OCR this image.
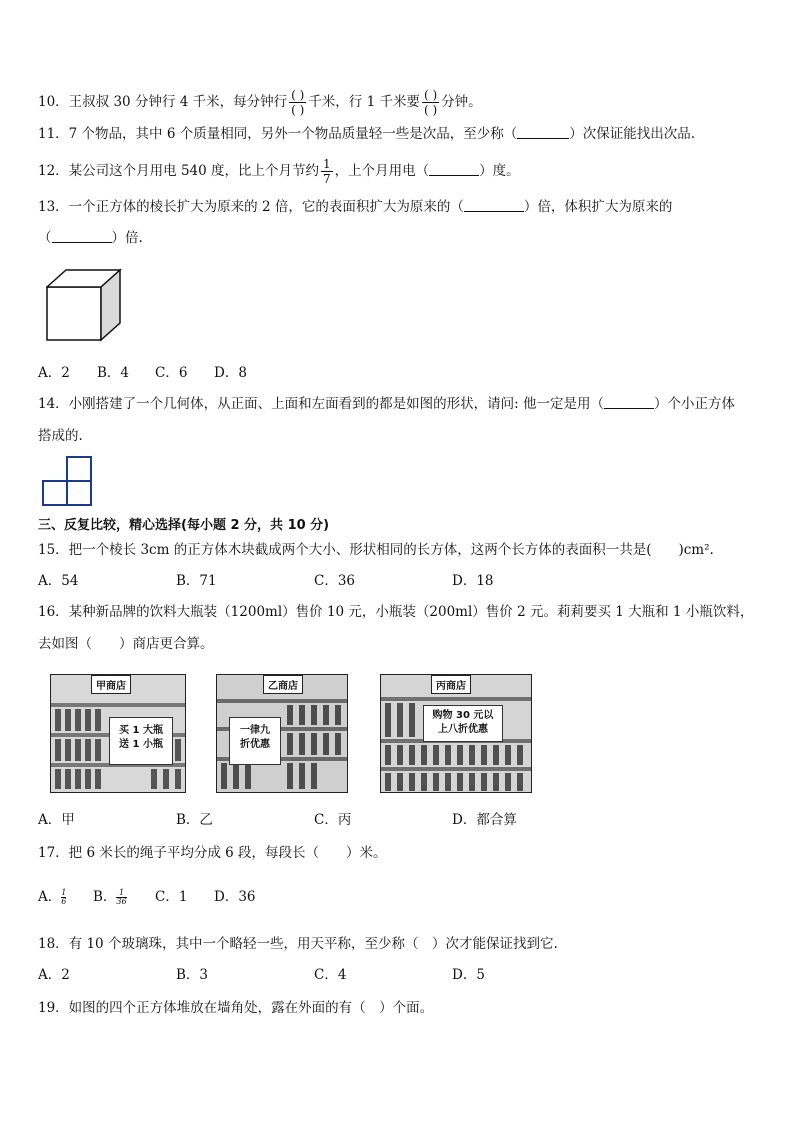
10．王叔叔 30 分钟行 4 千米，每分钟行 $\frac{( )}{( )}$ 千米，行 1 千米要 $\frac{( )}{( )}$ 分钟。
11．7 个物品，其中 6 个质量相同，另外一个物品质量轻一些是次品，至少称（	）次保证能找出次品.
12．某公司这个月用电 540 度，比上个月节约 $\frac{1}{7}$ ，上个月用电（	）度。
13．一个正方体的棱长扩大为原来的 2 倍，它的表面积扩大为原来的（	）倍，体积扩大为原来的
（	）倍.
A．2 B．4 C．6 D．8
14．小刚搭建了一个几何体，从正面、上面和左面看到的都是如图的形状，请问: 他一定是用（	）个小正方体
搭成的.
三、反复比较，精心选择(每小题 2 分，共 10 分)
15．把一个棱长 3cm 的正方体木块截成两个大小、形状相同的长方体，这两个长方体的表面积一共是(　　)cm².
A．54	B．71	C．36	D．18
16．某种新品牌的饮料大瓶装（1200ml）售价 10 元，小瓶装（200ml）售价 2 元。莉莉要买 1 大瓶和 1 小瓶饮料，
去如图（　　）商店更合算。
甲商店
买 1 大瓶
送 1 小瓶
乙商店
一律九
折优惠
丙商店
购物 30 元以
上八折优惠
A．甲	B．乙	C．丙	D．都合算
17．把 6 米长的绳子平均分成 6 段，每段长（　　）米。
A． $\frac{1}{6}$ B． $\frac{1}{36}$ C．1 D．36
18．有 10 个玻璃珠，其中一个略轻一些，用天平称，至少称（　）次才能保证找到它.
A．2	B．3	C．4	D．5
19．如图的四个正方体堆放在墙角处，露在外面的有（　）个面。
